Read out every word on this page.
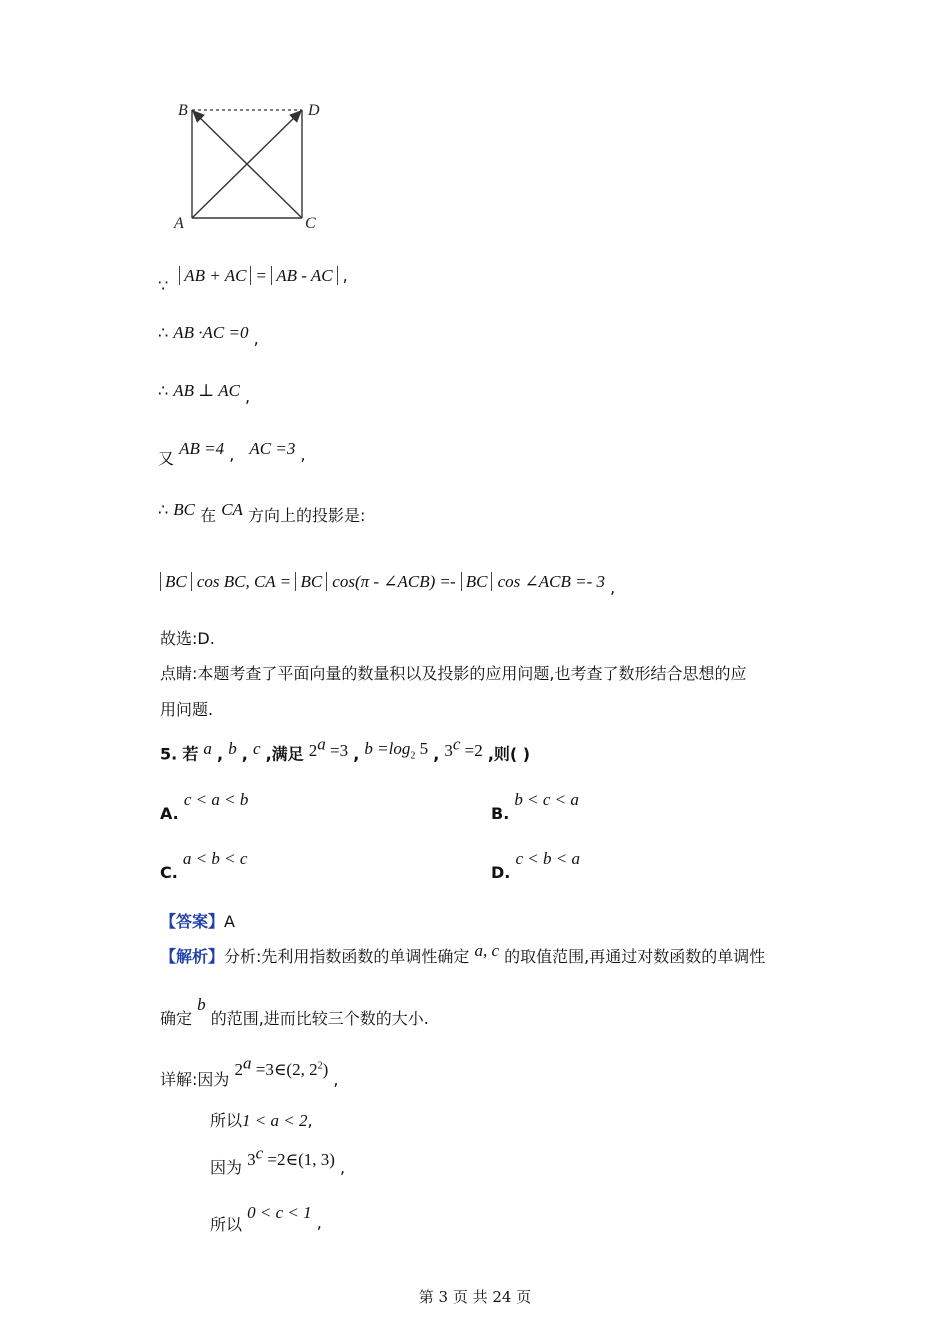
B	D
A	C
∵ AB + AC = AB - AC ,
∴ AB ·AC =0 ,
∴ AB ⊥ AC ,
又 AB =4 , AC =3 ,
∴ BC 在 CA 方向上的投影是:
BC cos BC, CA = BC cos(π - ∠ACB) =- BC cos ∠ACB =- 3 ,
故选:D.
点睛:本题考查了平面向量的数量积以及投影的应用问题,也考查了数形结合思想的应
用问题.
5. 若 a , b , c ,满足 $2^a =3$ , $b =\log_2$ 5 , $3^c =2$ ,则( )
A. c < a < b
B. b < c < a
C. a < b < c
D. c < b < a
【答案】A
【解析】分析:先利用指数函数的单调性确定 a, c 的取值范围,再通过对数函数的单调性
确定 b 的范围,进而比较三个数的大小.
详解:因为 $2^a$ =3∈(2, $2^2$) ,
所以1 < a < 2,
因为 $3^c$ =2∈(1, 3) ,
所以 0 < c < 1 ,
第 3 页 共 24 页
